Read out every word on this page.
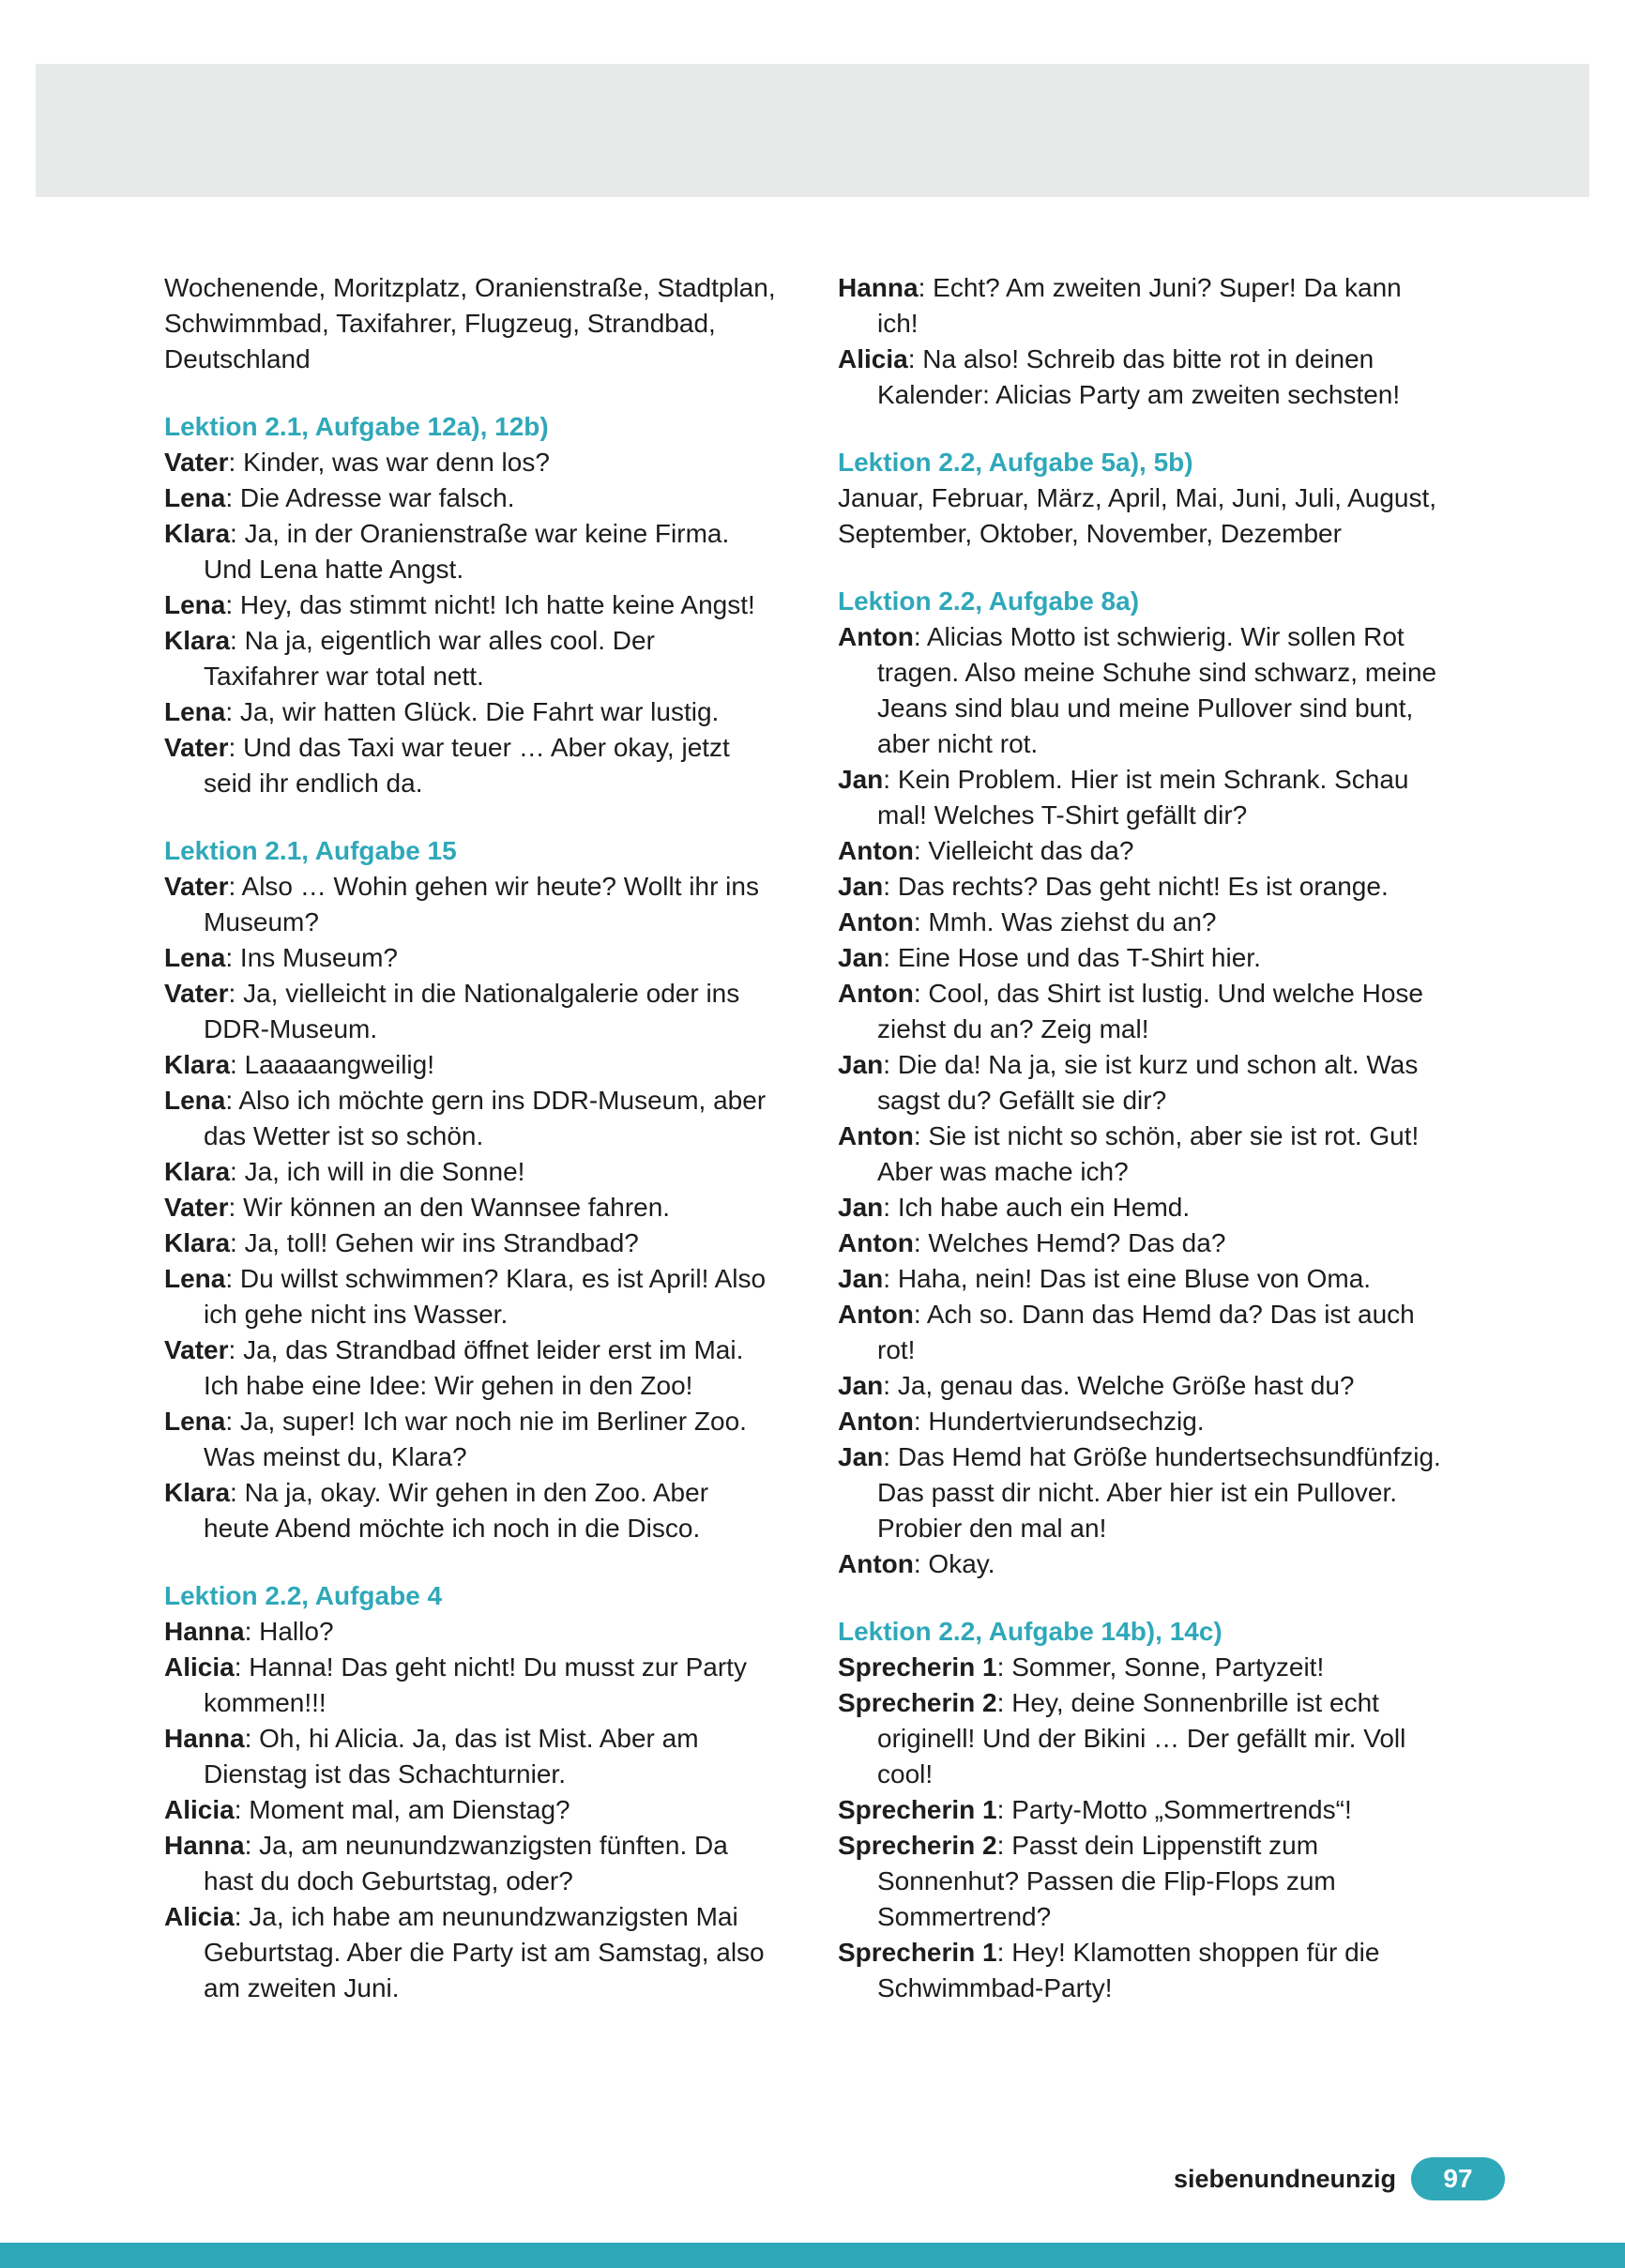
Wochenende, Moritzplatz, Oranienstraße, Stadtplan, Schwimmbad, Taxifahrer, Flugzeug, Strandbad, Deutschland

Lektion 2.1, Aufgabe 12a), 12b)

Vater: Kinder, was war denn los?

Lena: Die Adresse war falsch.

Klara: Ja, in der Oranienstraße war keine Firma. Und Lena hatte Angst.

Lena: Hey, das stimmt nicht! Ich hatte keine Angst!

Klara: Na ja, eigentlich war alles cool. Der Taxifahrer war total nett.

Lena: Ja, wir hatten Glück. Die Fahrt war lustig.

Vater: Und das Taxi war teuer … Aber okay, jetzt seid ihr endlich da.

Lektion 2.1, Aufgabe 15

Vater: Also … Wohin gehen wir heute? Wollt ihr ins Museum?

Lena: Ins Museum?

Vater: Ja, vielleicht in die Nationalgalerie oder ins DDR-Museum.

Klara: Laaaaangweilig!

Lena: Also ich möchte gern ins DDR-Museum, aber das Wetter ist so schön.

Klara: Ja, ich will in die Sonne!

Vater: Wir können an den Wannsee fahren.

Klara: Ja, toll! Gehen wir ins Strandbad?

Lena: Du willst schwimmen? Klara, es ist April! Also ich gehe nicht ins Wasser.

Vater: Ja, das Strandbad öffnet leider erst im Mai. Ich habe eine Idee: Wir gehen in den Zoo!

Lena: Ja, super! Ich war noch nie im Berliner Zoo. Was meinst du, Klara?

Klara: Na ja, okay. Wir gehen in den Zoo. Aber heute Abend möchte ich noch in die Disco.

Lektion 2.2, Aufgabe 4

Hanna: Hallo?

Alicia: Hanna! Das geht nicht! Du musst zur Party kommen!!!

Hanna: Oh, hi Alicia. Ja, das ist Mist. Aber am Dienstag ist das Schachturnier.

Alicia: Moment mal, am Dienstag?

Hanna: Ja, am neunundzwanzigsten fünften. Da hast du doch Geburtstag, oder?

Alicia: Ja, ich habe am neunundzwanzigsten Mai Geburtstag. Aber die Party ist am Samstag, also am zweiten Juni.

Hanna: Echt? Am zweiten Juni? Super! Da kann ich!

Alicia: Na also! Schreib das bitte rot in deinen Kalender: Alicias Party am zweiten sechsten!

Lektion 2.2, Aufgabe 5a), 5b)

Januar, Februar, März, April, Mai, Juni, Juli, August, September, Oktober, November, Dezember

Lektion 2.2, Aufgabe 8a)

Anton: Alicias Motto ist schwierig. Wir sollen Rot tragen. Also meine Schuhe sind schwarz, meine Jeans sind blau und meine Pullover sind bunt, aber nicht rot.

Jan: Kein Problem. Hier ist mein Schrank. Schau mal! Welches T-Shirt gefällt dir?

Anton: Vielleicht das da?

Jan: Das rechts? Das geht nicht! Es ist orange.

Anton: Mmh. Was ziehst du an?

Jan: Eine Hose und das T-Shirt hier.

Anton: Cool, das Shirt ist lustig. Und welche Hose ziehst du an? Zeig mal!

Jan: Die da! Na ja, sie ist kurz und schon alt. Was sagst du? Gefällt sie dir?

Anton: Sie ist nicht so schön, aber sie ist rot. Gut! Aber was mache ich?

Jan: Ich habe auch ein Hemd.

Anton: Welches Hemd? Das da?

Jan: Haha, nein! Das ist eine Bluse von Oma.

Anton: Ach so. Dann das Hemd da? Das ist auch rot!

Jan: Ja, genau das. Welche Größe hast du?

Anton: Hundertvierundsechzig.

Jan: Das Hemd hat Größe hundertsechsundfünfzig. Das passt dir nicht. Aber hier ist ein Pullover. Probier den mal an!

Anton: Okay.

Lektion 2.2, Aufgabe 14b), 14c)

Sprecherin 1: Sommer, Sonne, Partyzeit!

Sprecherin 2: Hey, deine Sonnenbrille ist echt originell! Und der Bikini … Der gefällt mir. Voll cool!

Sprecherin 1: Party-Motto „Sommertrends“!

Sprecherin 2: Passt dein Lippenstift zum Sonnenhut? Passen die Flip-Flops zum Sommertrend?

Sprecherin 1: Hey! Klamotten shoppen für die Schwimmbad-Party!

siebenundneunzig	97
